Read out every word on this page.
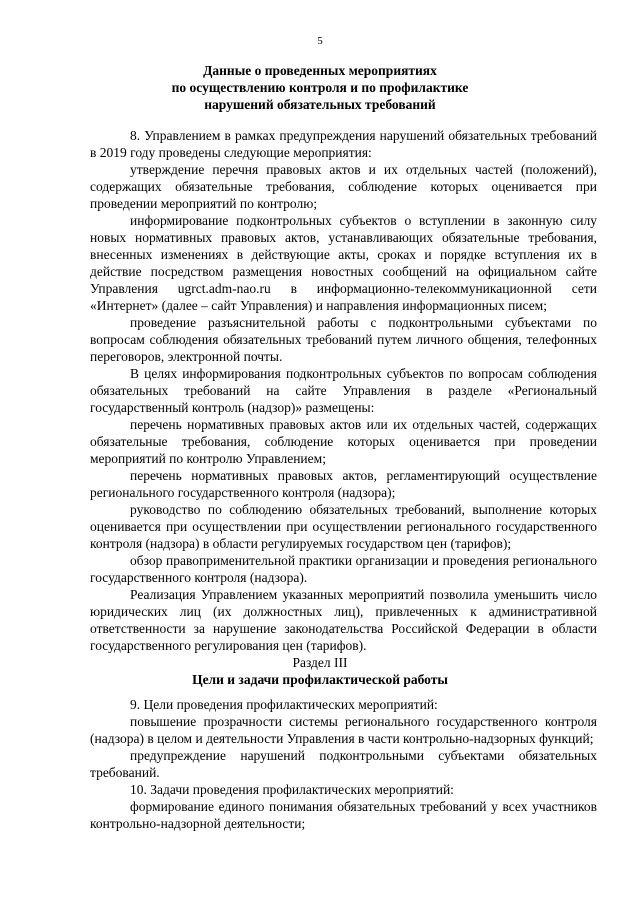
5
Данные о проведенных мероприятиях
по осуществлению контроля и по профилактике
нарушений обязательных требований

8. Управлением в рамках предупреждения нарушений обязательных требований в 2019 году проведены следующие мероприятия:

утверждение перечня правовых актов и их отдельных частей (положений), содержащих обязательные требования, соблюдение которых оценивается при проведении мероприятий по контролю;

информирование подконтрольных субъектов о вступлении в законную силу новых нормативных правовых актов, устанавливающих обязательные требования, внесенных изменениях в действующие акты, сроках и порядке вступления их в действие посредством размещения новостных сообщений на официальном сайте Управления ugrct.adm-nao.ru в информационно-телекоммуникационной сети «Интернет» (далее – сайт Управления) и направления информационных писем;

проведение разъяснительной работы с подконтрольными субъектами по вопросам соблюдения обязательных требований путем личного общения, телефонных переговоров, электронной почты.

В целях информирования подконтрольных субъектов по вопросам соблюдения обязательных требований на сайте Управления в разделе «Региональный государственный контроль (надзор)» размещены:

перечень нормативных правовых актов или их отдельных частей, содержащих обязательные требования, соблюдение которых оценивается при проведении мероприятий по контролю Управлением;

перечень нормативных правовых актов, регламентирующий осуществление регионального государственного контроля (надзора);

руководство по соблюдению обязательных требований, выполнение которых оценивается при осуществлении при осуществлении регионального государственного контроля (надзора) в области регулируемых государством цен (тарифов);

обзор правоприменительной практики организации и проведения регионального государственного контроля (надзора).

Реализация Управлением указанных мероприятий позволила уменьшить число юридических лиц (их должностных лиц), привлеченных к административной ответственности за нарушение законодательства Российской Федерации в области государственного регулирования цен (тарифов).

Раздел III
Цели и задачи профилактической работы

9. Цели проведения профилактических мероприятий:

повышение прозрачности системы регионального государственного контроля (надзора) в целом и деятельности Управления в части контрольно-надзорных функций;

предупреждение нарушений подконтрольными субъектами обязательных требований.

10. Задачи проведения профилактических мероприятий:

формирование единого понимания обязательных требований у всех участников контрольно-надзорной деятельности;
